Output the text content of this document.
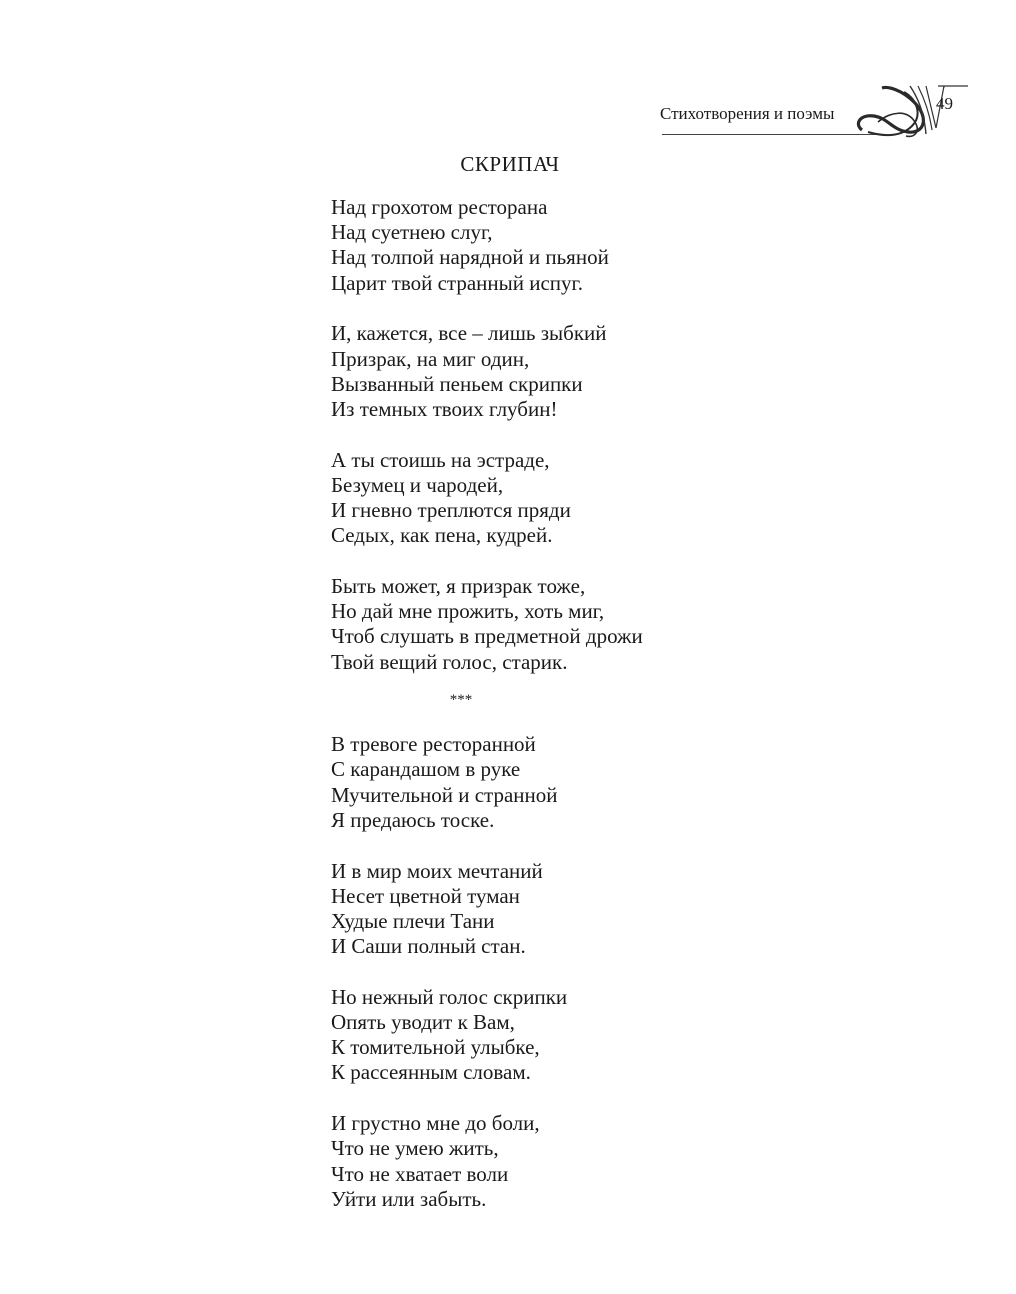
Стихотворения и поэмы
49
СКРИПАЧ
Над грохотом ресторана
Над суетнею слуг,
Над толпой нарядной и пьяной
Царит твой странный испуг.
И, кажется, все – лишь зыбкий
Призрак, на миг один,
Вызванный пеньем скрипки
Из темных твоих глубин!
А ты стоишь на эстраде,
Безумец и чародей,
И гневно треплются пряди
Седых, как пена, кудрей.
Быть может, я призрак тоже,
Но дай мне прожить, хоть миг,
Чтоб слушать в предметной дрожи
Твой вещий голос, старик.
***
В тревоге ресторанной
С карандашом в руке
Мучительной и странной
Я предаюсь тоске.
И в мир моих мечтаний
Несет цветной туман
Худые плечи Тани
И Саши полный стан.
Но нежный голос скрипки
Опять уводит к Вам,
К томительной улыбке,
К рассеянным словам.
И грустно мне до боли,
Что не умею жить,
Что не хватает воли
Уйти или забыть.
